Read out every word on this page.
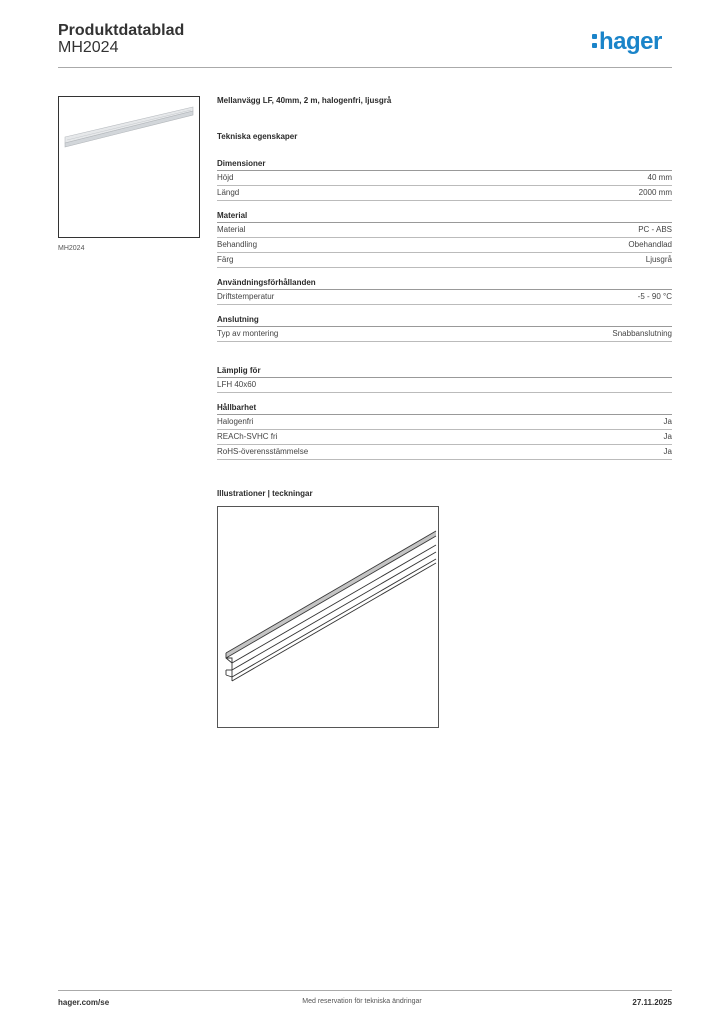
Produktdatablad
MH2024	hager
MH2024
Mellanvägg LF, 40mm, 2 m, halogenfri, ljusgrå
Tekniska egenskaper
Dimensioner
Höjd	40 mm
Längd	2000 mm
Material
Material	PC - ABS
Behandling	Obehandlad
Färg	Ljusgrå
Användningsförhållanden
Driftstemperatur	-5 - 90 °C
Anslutning
Typ av montering	Snabbanslutning
Lämplig för
LFH 40x60
Hållbarhet
Halogenfri	Ja
REACh-SVHC fri	Ja
RoHS-överensstämmelse	Ja
Illustrationer | teckningar
hager.com/se	Med reservation för tekniska ändringar	27.11.2025
